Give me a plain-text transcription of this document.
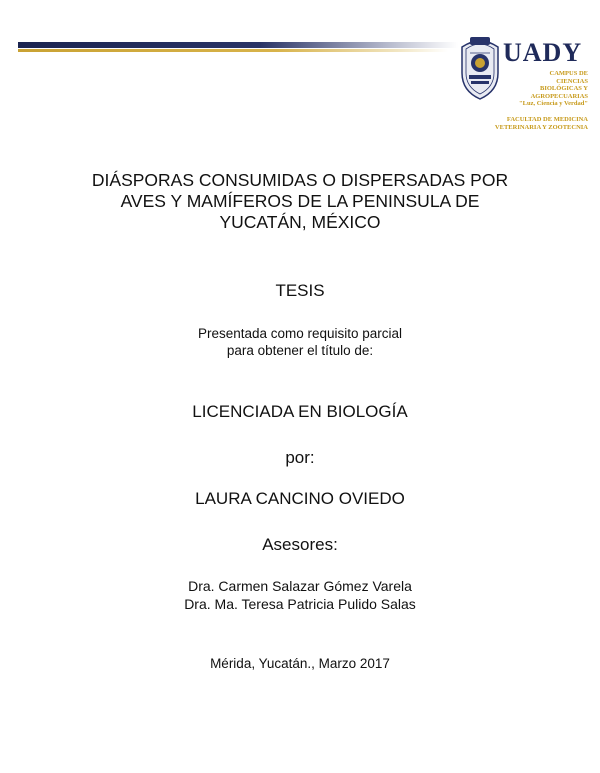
UADY
CAMPUS DE
CIENCIAS
BIOLÓGICAS Y
AGROPECUARIAS
"Luz, Ciencia y Verdad"
FACULTAD DE MEDICINA
VETERINARIA Y ZOOTECNIA
DIÁSPORAS CONSUMIDAS O DISPERSADAS POR
AVES Y MAMÍFEROS DE LA PENINSULA DE
YUCATÁN, MÉXICO
TESIS
Presentada como requisito parcial
para obtener el título de:
LICENCIADA EN BIOLOGÍA
por:
LAURA CANCINO OVIEDO
Asesores:
Dra. Carmen Salazar Gómez Varela
Dra. Ma. Teresa Patricia Pulido Salas
Mérida, Yucatán., Marzo 2017
